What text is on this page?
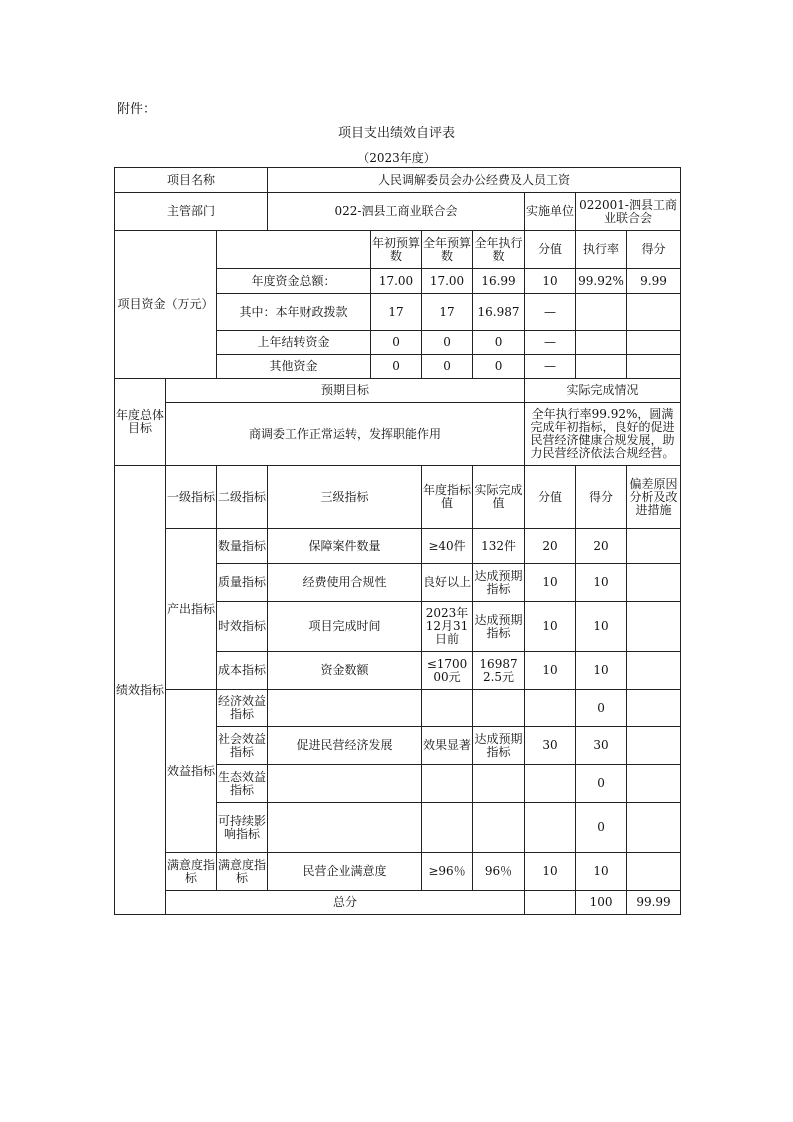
附件：
项目支出绩效自评表
（2023年度）
项目名称			人民调解委员会办公经费及人员工资							
主管部门			022-泗县工商业联合会				实施单位	022001-泗县工商业联合会		
项目资金（万元）				年初预算数	全年预算数	全年执行数	分值	执行率	得分	
		年度资金总额：		17.00	17.00	16.99	10	99.92%	9.99	
		其中：本年财政拨款		17	17	16.987	—			
		上年结转资金		0	0	0	—			
		其他资金		0	0	0	—			
年度总体目标	预期目标						实际完成情况			
	商调委工作正常运转，发挥职能作用						全年执行率99.92%，圆满完成年初指标，良好的促进民营经济健康合规发展，助力民营经济依法合规经营。			
绩效指标	一级指标	二级指标	三级指标		年度指标值	实际完成值	分值	得分	偏差原因分析及改进措施	
	产出指标	数量指标	保障案件数量		≥40件	132件	20	20		
		质量指标	经费使用合规性		良好以上	达成预期指标	10	10		
		时效指标	项目完成时间		2023年12月31日前	达成预期指标	10	10		
		成本指标	资金数额		≤170000元	169872.5元	10	10		
	效益指标	经济效益指标						0		
		社会效益指标	促进民营经济发展		效果显著	达成预期指标	30	30		
		生态效益指标						0		
		可持续影响指标						0		
	满意度指标	满意度指标	民营企业满意度		≥96％	96％	10	10		
	总分							100	99.99	
